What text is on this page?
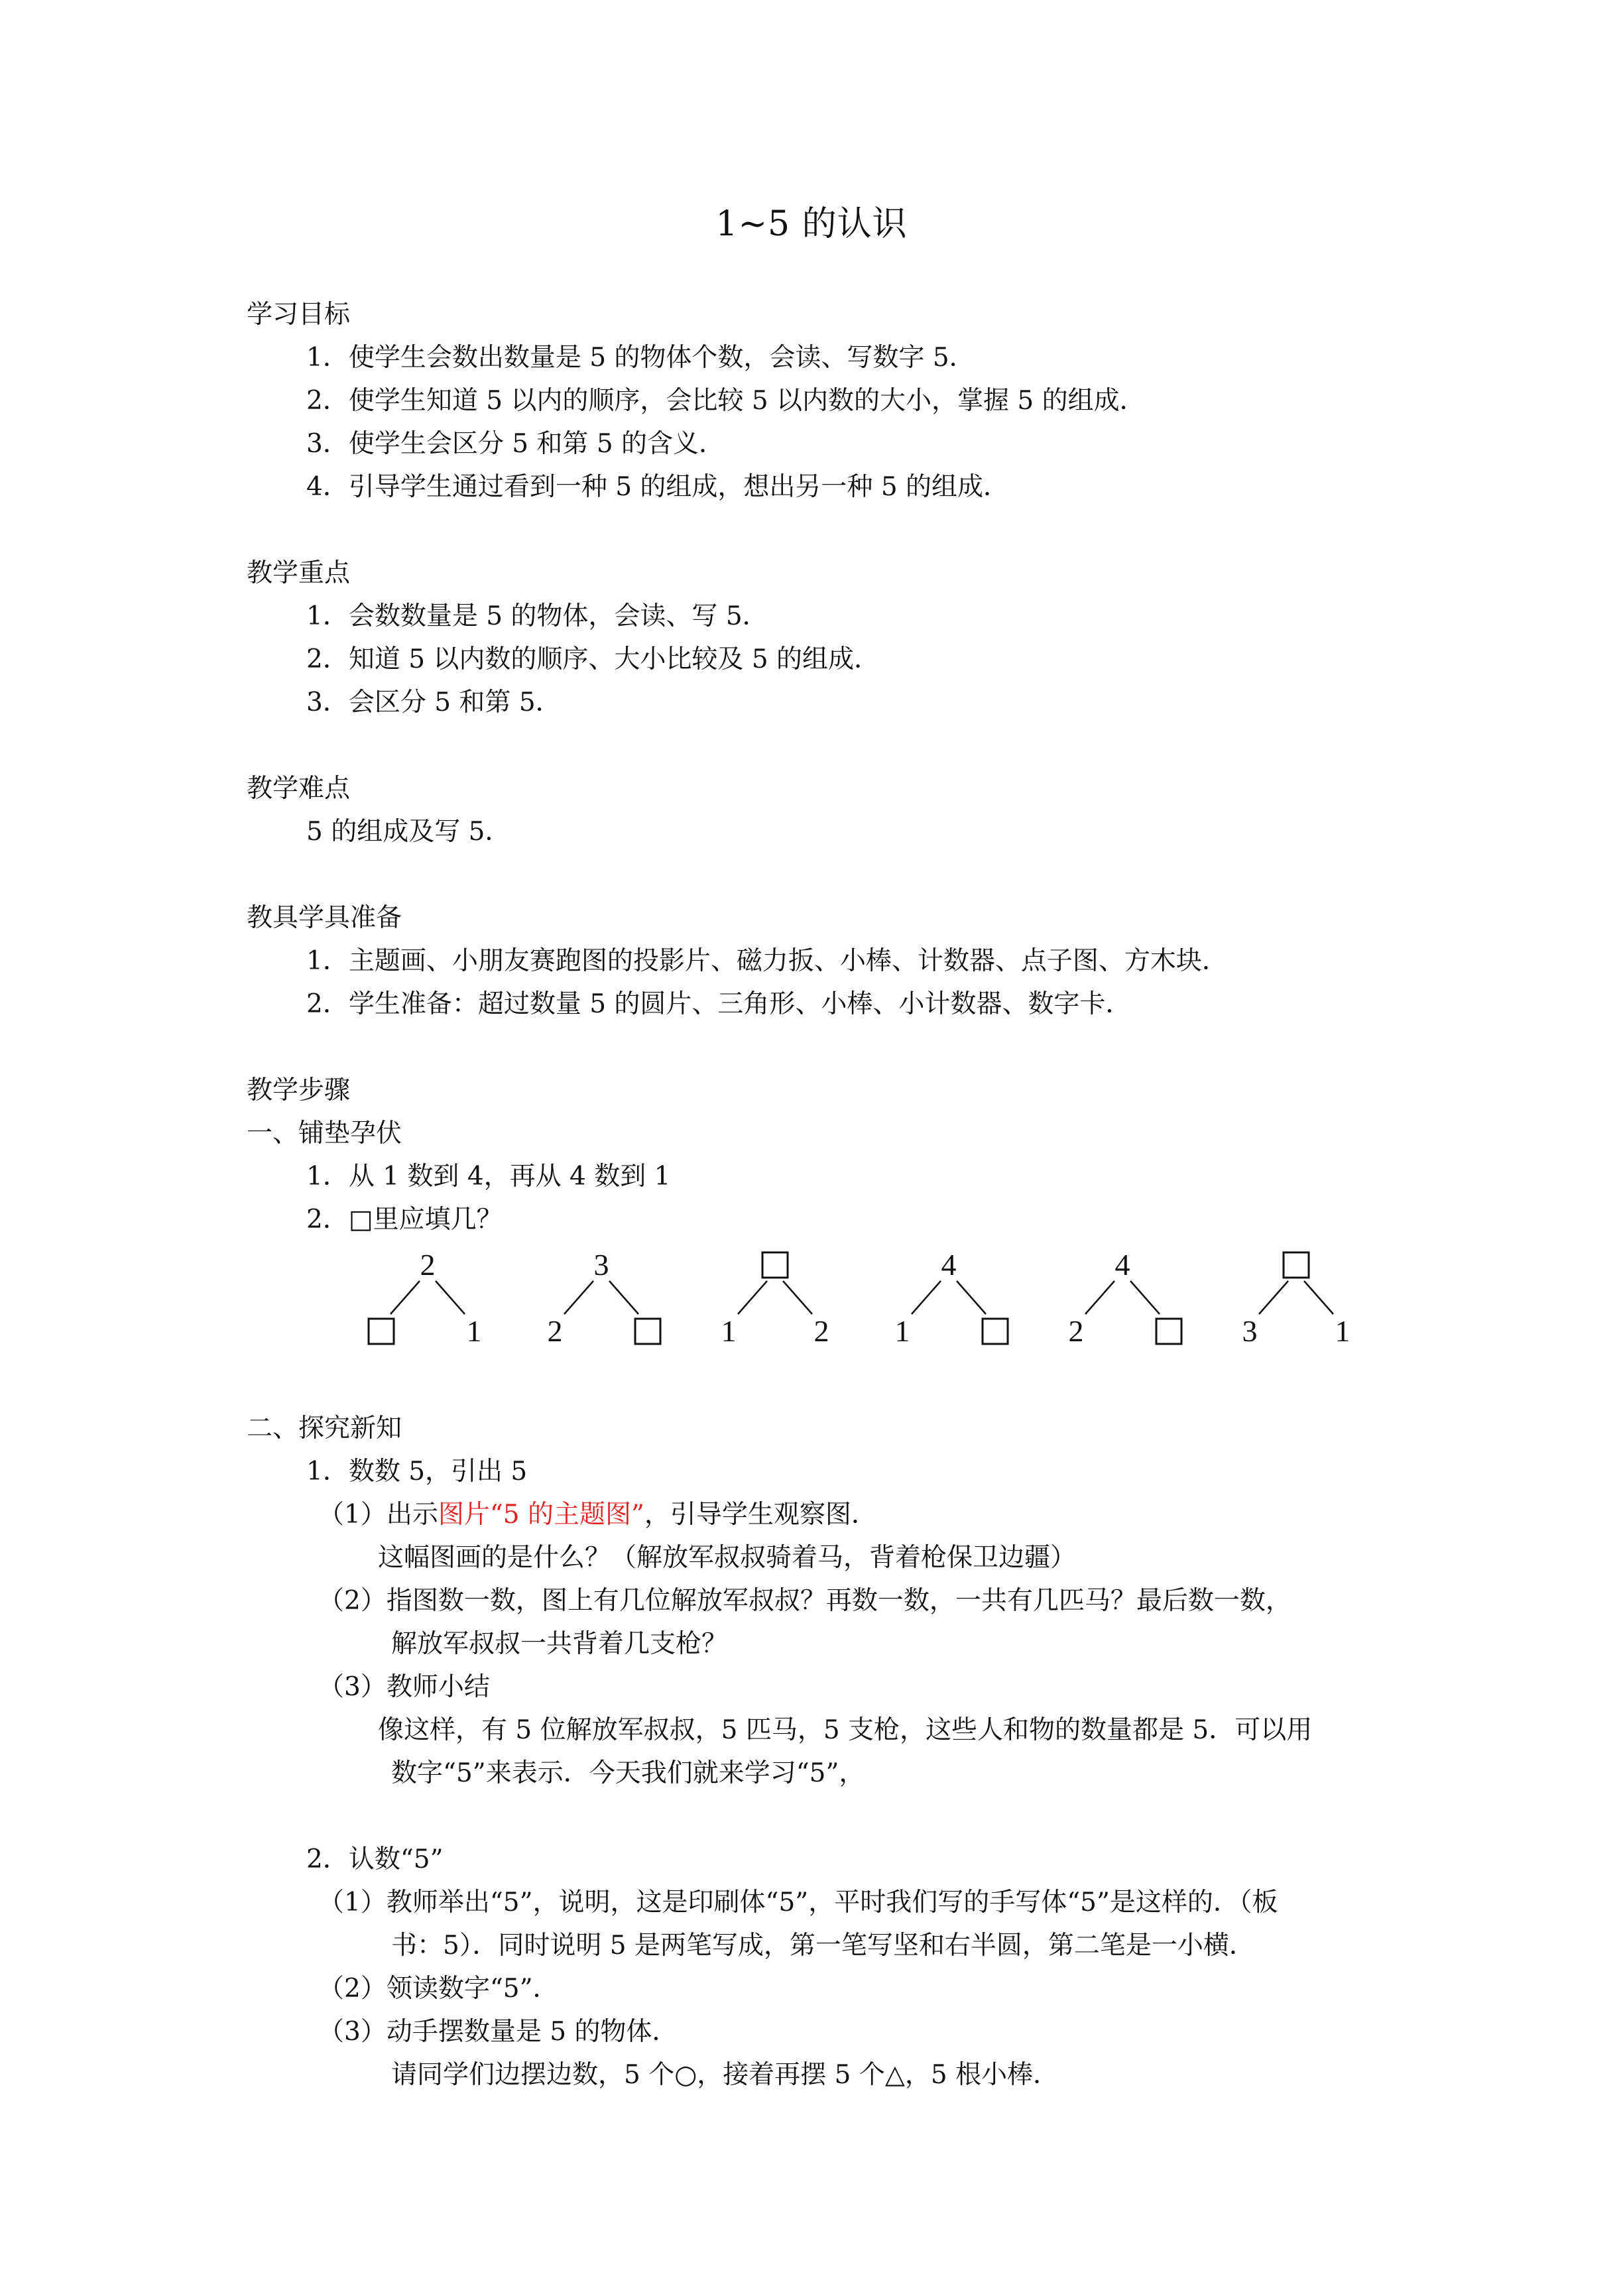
1~5 的认识
学习目标
1．使学生会数出数量是 5 的物体个数，会读、写数字 5．
2．使学生知道 5 以内的顺序，会比较 5 以内数的大小，掌握 5 的组成．
3．使学生会区分 5 和第 5 的含义．
4．引导学生通过看到一种 5 的组成，想出另一种 5 的组成．
教学重点
1．会数数量是 5 的物体，会读、写 5．
2．知道 5 以内数的顺序、大小比较及 5 的组成．
3．会区分 5 和第 5．
教学难点
5 的组成及写 5．
教具学具准备
1．主题画、小朋友赛跑图的投影片、磁力扳、小棒、计数器、点子图、方木块．
2．学生准备：超过数量 5 的圆片、三角形、小棒、小计数器、数字卡．
教学步骤
一、铺垫孕伏
1．从 1 数到 4，再从 4 数到 1
2．□里应填几？
2
1
3
2	1	2
4
1
4
2	3	1
二、探究新知
1．数数 5，引出 5
（1）出示图片“5 的主题图”，引导学生观察图．
这幅图画的是什么？（解放军叔叔骑着马，背着枪保卫边疆）
（2）指图数一数，图上有几位解放军叔叔？再数一数，一共有几匹马？最后数一数，
解放军叔叔一共背着几支枪？
（3）教师小结
像这样，有 5 位解放军叔叔，5 匹马，5 支枪，这些人和物的数量都是 5．可以用
数字“5”来表示．今天我们就来学习“5”，
2．认数“5”
（1）教师举出“5”，说明，这是印刷体“5”，平时我们写的手写体“5”是这样的．（板
书：5）．同时说明 5 是两笔写成，第一笔写坚和右半圆，第二笔是一小横．
（2）领读数字“5”．
（3）动手摆数量是 5 的物体．
请同学们边摆边数，5 个○，接着再摆 5 个△，5 根小棒．
